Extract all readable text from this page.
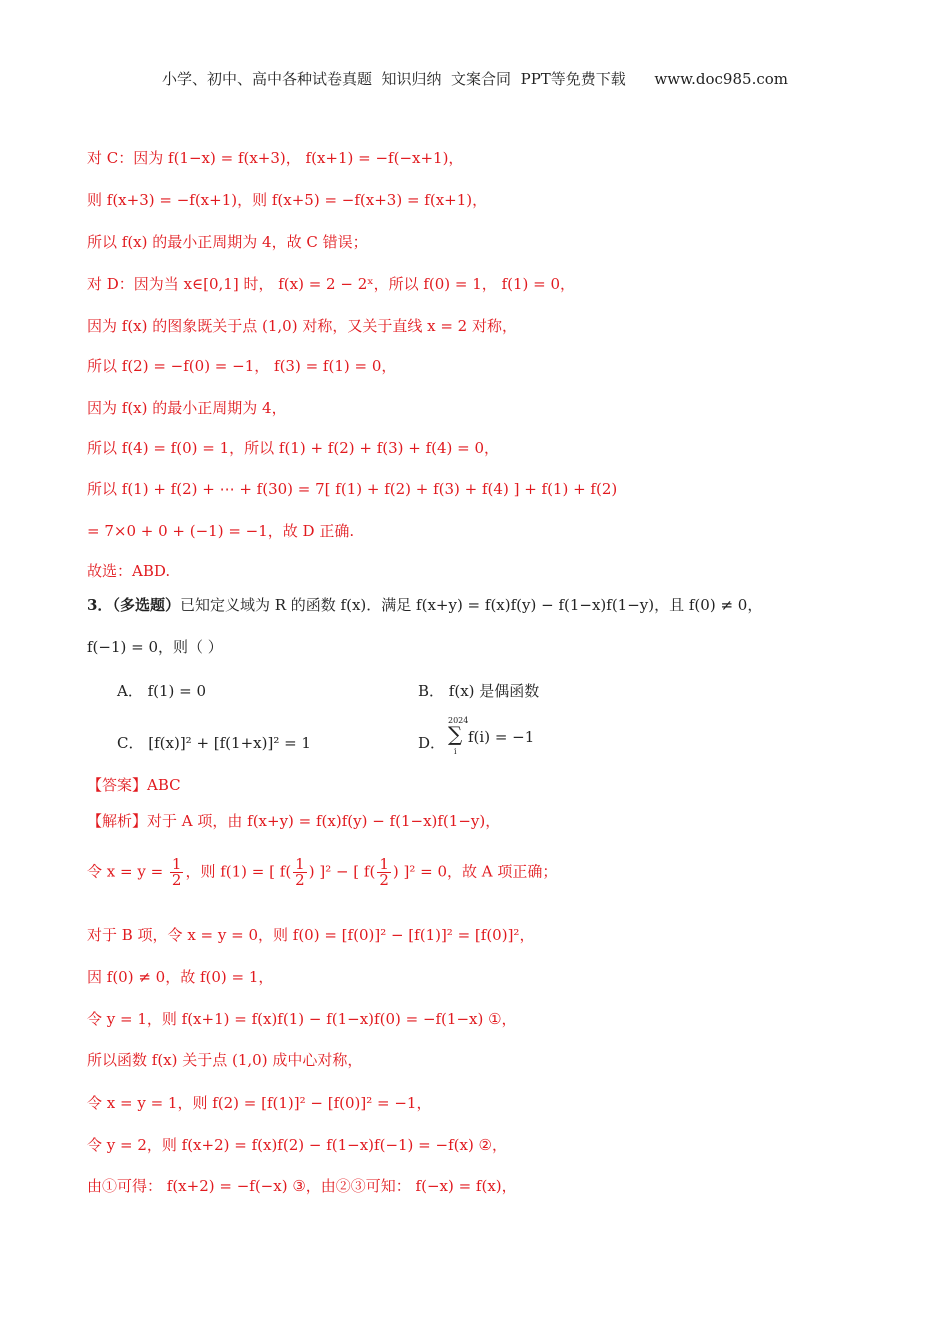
小学、初中、高中各种试卷真题  知识归纳  文案合同  PPT等免费下载      www.doc985.com
对 C：因为 f(1−x) = f(x+3)， f(x+1) = −f(−x+1)，
则 f(x+3) = −f(x+1)，则 f(x+5) = −f(x+3) = f(x+1)，
所以 f(x) 的最小正周期为 4，故 C 错误；
对 D：因为当 x∈[0,1] 时， f(x) = 2 − 2ˣ，所以 f(0) = 1， f(1) = 0，
因为 f(x) 的图象既关于点 (1,0) 对称，又关于直线 x = 2 对称，
所以 f(2) = −f(0) = −1， f(3) = f(1) = 0，
因为 f(x) 的最小正周期为 4，
所以 f(4) = f(0) = 1，所以 f(1) + f(2) + f(3) + f(4) = 0，
所以 f(1) + f(2) + ⋯ + f(30) = 7[ f(1) + f(2) + f(3) + f(4) ] + f(1) + f(2)
= 7×0 + 0 + (−1) = −1，故 D 正确.
故选：ABD.
3．（多选题）已知定义域为 R 的函数 f(x)．满足 f(x+y) = f(x)f(y) − f(1−x)f(1−y)，且 f(0) ≠ 0，
f(−1) = 0，则（ ）
A． f(1) = 0	B． f(x) 是偶函数
C． [f(x)]² + [f(1+x)]² = 1	D．
2024
∑
i
f(i) = −1
【答案】ABC
【解析】对于 A 项，由 f(x+y) = f(x)f(y) − f(1−x)f(1−y)，
令 $x = y = \frac{1}{2}$ ，则 f(1) = [ $f( \frac{1}{2}$ ) ]² − [ $f( \frac{1}{2}$ ) ]² = 0，故 A 项正确；
对于 B 项，令 x = y = 0，则 f(0) = [f(0)]² − [f(1)]² = [f(0)]²，
因 f(0) ≠ 0，故 f(0) = 1，
令 y = 1，则 f(x+1) = f(x)f(1) − f(1−x)f(0) = −f(1−x) ①，
所以函数 f(x) 关于点 (1,0) 成中心对称，
令 x = y = 1，则 f(2) = [f(1)]² − [f(0)]² = −1，
令 y = 2，则 f(x+2) = f(x)f(2) − f(1−x)f(−1) = −f(x) ②，
由①可得： f(x+2) = −f(−x) ③，由②③可知： f(−x) = f(x)，
